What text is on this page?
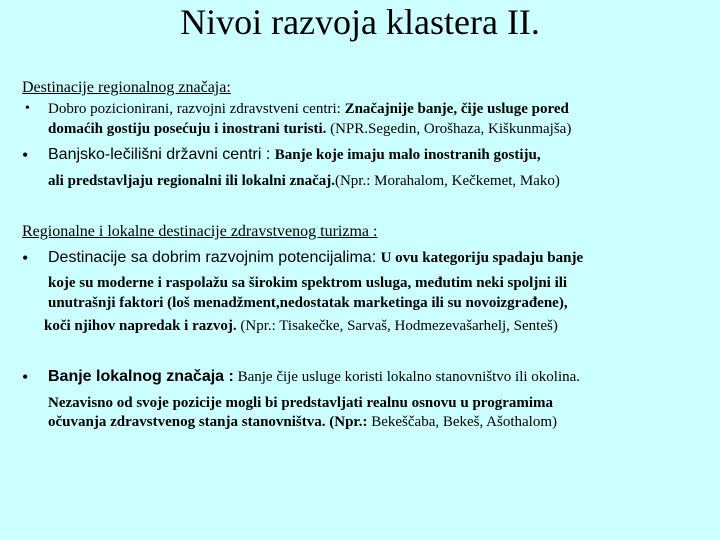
Nivoi razvoja klastera II.
Destinacije regionalnog značaja:
• Dobro pozicionirani, razvojni zdravstveni centri: Značajnije banje, čije usluge pored
domaćih gostiju posećuju i inostrani turisti. (NPR.Segedin, Orošhaza, Kiškunmajša)
• Banjsko-lečilišni državni centri : Banje koje imaju malo inostranih gostiju,
ali predstavljaju regionalni ili lokalni značaj.(Npr.: Morahalom, Kečkemet, Mako)
Regionalne i lokalne destinacije zdravstvenog turizma :
• Destinacije sa dobrim razvojnim potencijalima: U ovu kategoriju spadaju banje
koje su moderne i raspolažu sa širokim spektrom usluga, međutim neki spoljni ili
unutrašnji faktori (loš menadžment,nedostatak marketinga ili su novoizgrađene),
koči njihov napredak i razvoj. (Npr.: Tisakečke, Sarvaš, Hodmezevašarhelj, Senteš)
• Banje lokalnog značaja : Banje čije usluge koristi lokalno stanovništvo ili okolina.
Nezavisno od svoje pozicije mogli bi predstavljati realnu osnovu u programima
očuvanja zdravstvenog stanja stanovništva. (Npr.: Bekeščaba, Bekeš, Ašothalom)
